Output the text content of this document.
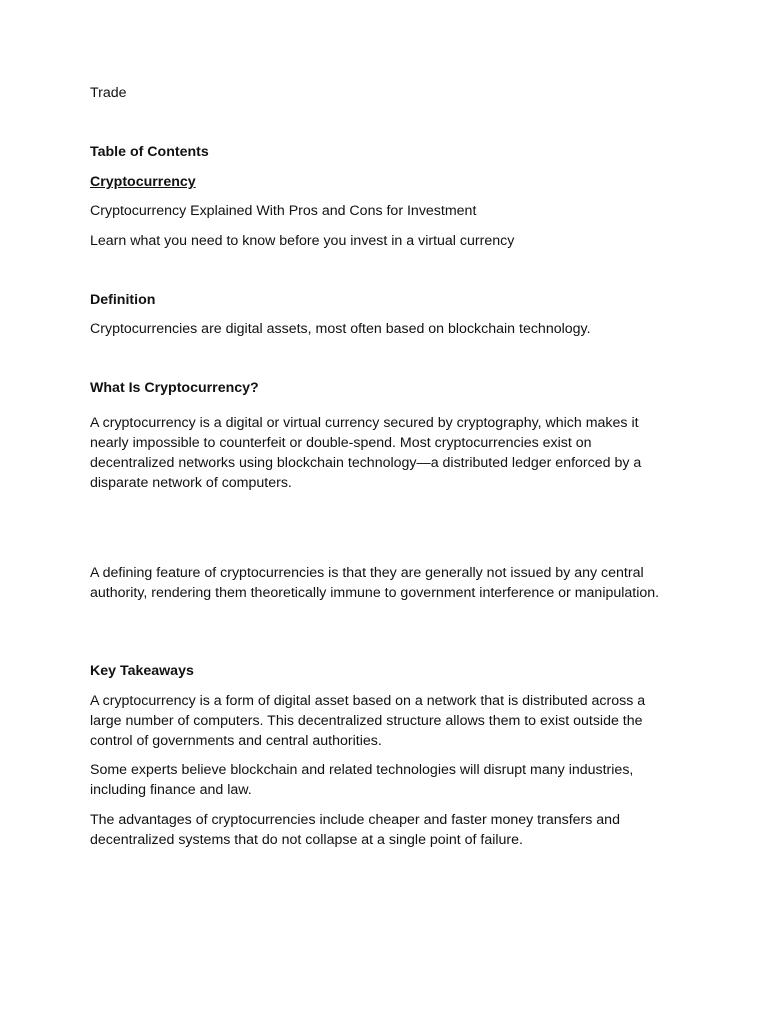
Trade

Table of Contents

Cryptocurrency

Cryptocurrency Explained With Pros and Cons for Investment

Learn what you need to know before you invest in a virtual currency

Definition

Cryptocurrencies are digital assets, most often based on blockchain technology.

What Is Cryptocurrency?

A cryptocurrency is a digital or virtual currency secured by cryptography, which makes it nearly impossible to counterfeit or double-spend. Most cryptocurrencies exist on decentralized networks using blockchain technology—a distributed ledger enforced by a disparate network of computers.

A defining feature of cryptocurrencies is that they are generally not issued by any central authority, rendering them theoretically immune to government interference or manipulation.

Key Takeaways

A cryptocurrency is a form of digital asset based on a network that is distributed across a large number of computers. This decentralized structure allows them to exist outside the control of governments and central authorities.

Some experts believe blockchain and related technologies will disrupt many industries, including finance and law.

The advantages of cryptocurrencies include cheaper and faster money transfers and decentralized systems that do not collapse at a single point of failure.
